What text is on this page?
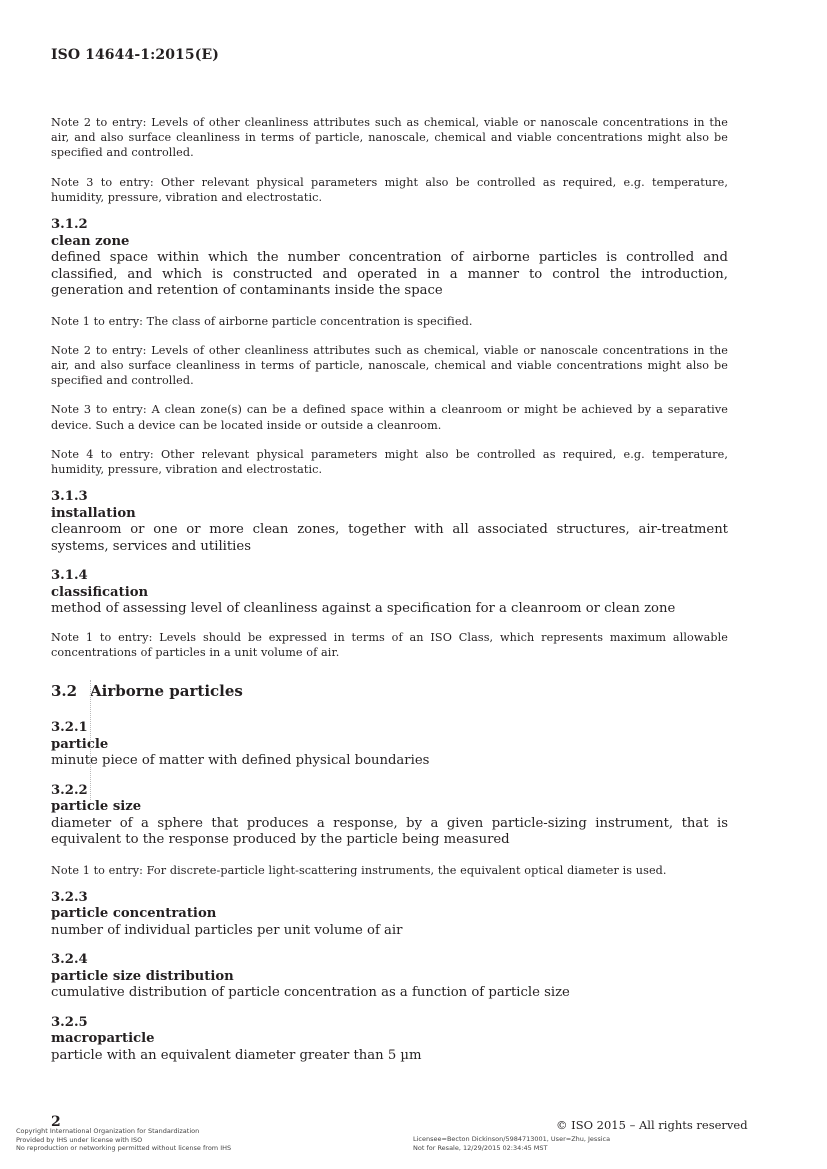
ISO 14644-1:2015(E)

Note 2 to entry: Levels of other cleanliness attributes such as chemical, viable or nanoscale concentrations in the air, and also surface cleanliness in terms of particle, nanoscale, chemical and viable concentrations might also be specified and controlled.

Note 3 to entry: Other relevant physical parameters might also be controlled as required, e.g. temperature, humidity, pressure, vibration and electrostatic.

3.1.2

clean zone

defined space within which the number concentration of airborne particles is controlled and classified, and which is constructed and operated in a manner to control the introduction, generation and retention of contaminants inside the space

Note 1 to entry: The class of airborne particle concentration is specified.

Note 2 to entry: Levels of other cleanliness attributes such as chemical, viable or nanoscale concentrations in the air, and also surface cleanliness in terms of particle, nanoscale, chemical and viable concentrations might also be specified and controlled.

Note 3 to entry: A clean zone(s) can be a defined space within a cleanroom or might be achieved by a separative device. Such a device can be located inside or outside a cleanroom.

Note 4 to entry: Other relevant physical parameters might also be controlled as required, e.g. temperature, humidity, pressure, vibration and electrostatic.

3.1.3

installation

cleanroom or one or more clean zones, together with all associated structures, air-treatment systems, services and utilities

3.1.4

classification

method of assessing level of cleanliness against a specification for a cleanroom or clean zone

Note 1 to entry: Levels should be expressed in terms of an ISO Class, which represents maximum allowable concentrations of particles in a unit volume of air.

3.2 Airborne particles

3.2.1

particle

minute piece of matter with defined physical boundaries

3.2.2

particle size

diameter of a sphere that produces a response, by a given particle-sizing instrument, that is equivalent to the response produced by the particle being measured

Note 1 to entry: For discrete-particle light-scattering instruments, the equivalent optical diameter is used.

3.2.3

particle concentration

number of individual particles per unit volume of air

3.2.4

particle size distribution

cumulative distribution of particle concentration as a function of particle size

3.2.5

macroparticle

particle with an equivalent diameter greater than 5 µm

2	© ISO 2015 – All rights reserved
Copyright International Organization for Standardization
Provided by IHS under license with ISO
No reproduction or networking permitted without license from IHS
Licensee=Becton Dickinson/5984713001, User=Zhu, Jessica
Not for Resale, 12/29/2015 02:34:45 MST
